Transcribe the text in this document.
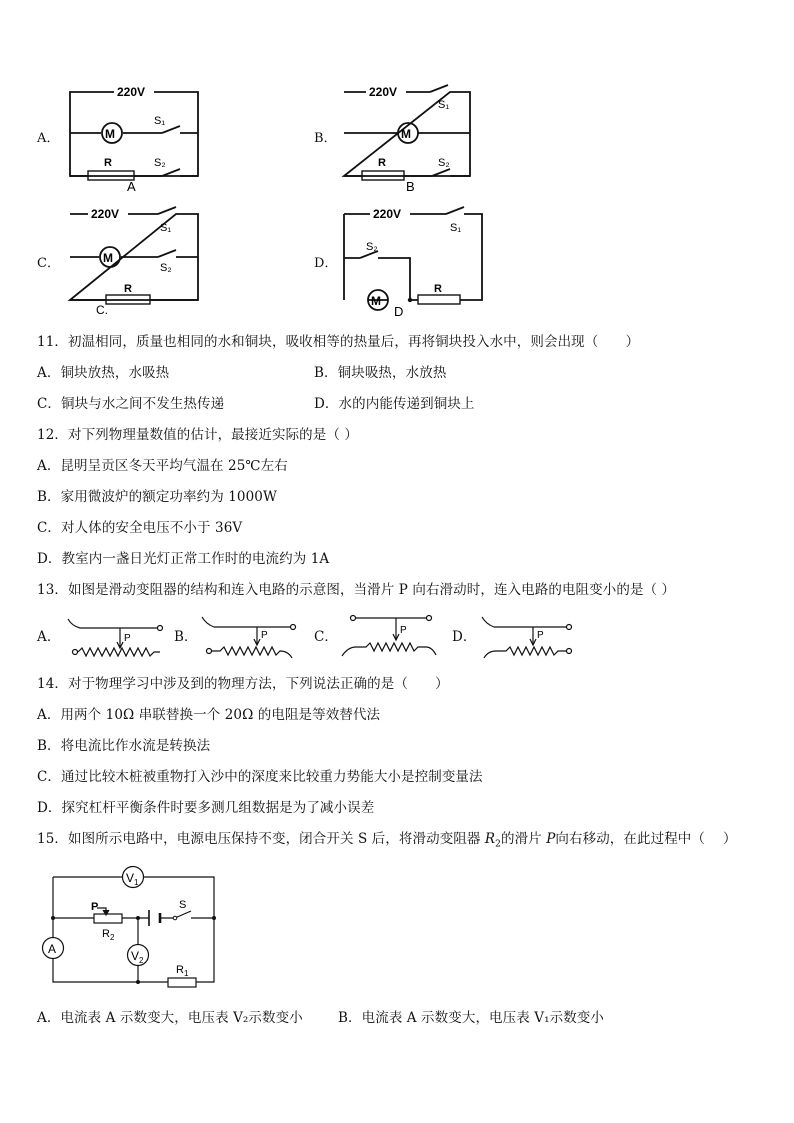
A．
220V
M
S₁
S₂
R
A
B．
220V
M
S₁
S₂
R
B
C．
220V
M
S₁
S₂
R
C.
D．
220V
M
S₁
S₂
R
D
11．初温相同，质量也相同的水和铜块，吸收相等的热量后，再将铜块投入水中，则会出现（　　）
A．铜块放热，水吸热	B．铜块吸热，水放热
C．铜块与水之间不发生热传递	D．水的内能传递到铜块上
12．对下列物理量数值的估计，最接近实际的是（ ）
A．昆明呈贡区冬天平均气温在 25℃左右
B．家用微波炉的额定功率约为 1000W
C．对人体的安全电压不小于 36V
D．教室内一盏日光灯正常工作时的电流约为 1A
13．如图是滑动变阻器的结构和连入电路的示意图，当滑片 P 向右滑动时，连入电路的电阻变小的是（ ）
A．	B．	C．	D．
P	P	P	P
14．对于物理学习中涉及到的物理方法，下列说法正确的是（　　）
A．用两个 10Ω 串联替换一个 20Ω 的电阻是等效替代法
B．将电流比作水流是转换法
C．通过比较木桩被重物打入沙中的深度来比较重力势能大小是控制变量法
D．探究杠杆平衡条件时要多测几组数据是为了减小误差
15．如图所示电路中，电源电压保持不变，闭合开关 S 后，将滑动变阻器 $R_2$的滑片 P向右移动，在此过程中（　 ）
$V_1$
A	$V_2$
P
$R_2$
$R_1$
S
A．电流表 A 示数变大，电压表 V₂示数变小	B．电流表 A 示数变大，电压表 V₁示数变小
